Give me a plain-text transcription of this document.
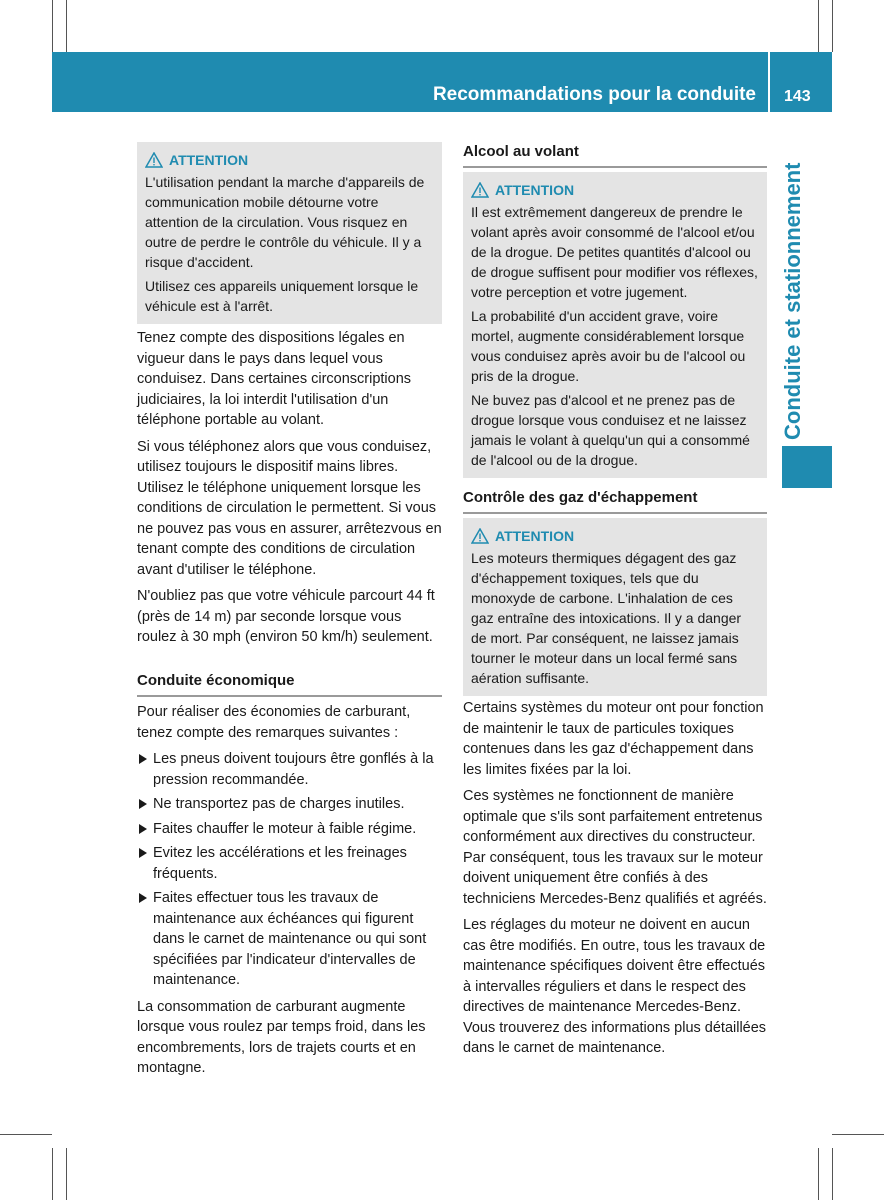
Recommandations pour la conduite 143
Conduite et stationnement
ATTENTION

L'utilisation pendant la marche d'appareils de communication mobile détourne votre attention de la circulation. Vous risquez en outre de perdre le contrôle du véhicule. Il y a risque d'accident.

Utilisez ces appareils uniquement lorsque le véhicule est à l'arrêt.

Tenez compte des dispositions légales en vigueur dans le pays dans lequel vous conduisez. Dans certaines circonscriptions judiciaires, la loi interdit l'utilisation d'un téléphone portable au volant.

Si vous téléphonez alors que vous conduisez, utilisez toujours le dispositif mains libres. Utilisez le téléphone uniquement lorsque les conditions de circulation le permettent. Si vous ne pouvez pas vous en assurer, arrêtezvous en tenant compte des conditions de circulation avant d'utiliser le téléphone.

N'oubliez pas que votre véhicule parcourt 44 ft (près de 14 m) par seconde lorsque vous roulez à 30 mph (environ 50 km/h) seulement.

Conduite économique

Pour réaliser des économies de carburant, tenez compte des remarques suivantes :

Les pneus doivent toujours être gonflés à la pression recommandée.
Ne transportez pas de charges inutiles.
Faites chauffer le moteur à faible régime.
Evitez les accélérations et les freinages fréquents.
Faites effectuer tous les travaux de maintenance aux échéances qui figurent dans le carnet de maintenance ou qui sont spécifiées par l'indicateur d'intervalles de maintenance.

La consommation de carburant augmente lorsque vous roulez par temps froid, dans les encombrements, lors de trajets courts et en montagne.

Alcool au volant
ATTENTION

Il est extrêmement dangereux de prendre le volant après avoir consommé de l'alcool et/ou de la drogue. De petites quantités d'alcool ou de drogue suffisent pour modifier vos réflexes, votre perception et votre jugement.

La probabilité d'un accident grave, voire mortel, augmente considérablement lorsque vous conduisez après avoir bu de l'alcool ou pris de la drogue.

Ne buvez pas d'alcool et ne prenez pas de drogue lorsque vous conduisez et ne laissez jamais le volant à quelqu'un qui a consommé de l'alcool ou de la drogue.

Contrôle des gaz d'échappement
ATTENTION

Les moteurs thermiques dégagent des gaz d'échappement toxiques, tels que du monoxyde de carbone. L'inhalation de ces gaz entraîne des intoxications. Il y a danger de mort. Par conséquent, ne laissez jamais tourner le moteur dans un local fermé sans aération suffisante.

Certains systèmes du moteur ont pour fonction de maintenir le taux de particules toxiques contenues dans les gaz d'échappement dans les limites fixées par la loi.

Ces systèmes ne fonctionnent de manière optimale que s'ils sont parfaitement entretenus conformément aux directives du constructeur. Par conséquent, tous les travaux sur le moteur doivent uniquement être confiés à des techniciens Mercedes-Benz qualifiés et agréés.

Les réglages du moteur ne doivent en aucun cas être modifiés. En outre, tous les travaux de maintenance spécifiques doivent être effectués à intervalles réguliers et dans le respect des directives de maintenance Mercedes-Benz. Vous trouverez des informations plus détaillées dans le carnet de maintenance.
